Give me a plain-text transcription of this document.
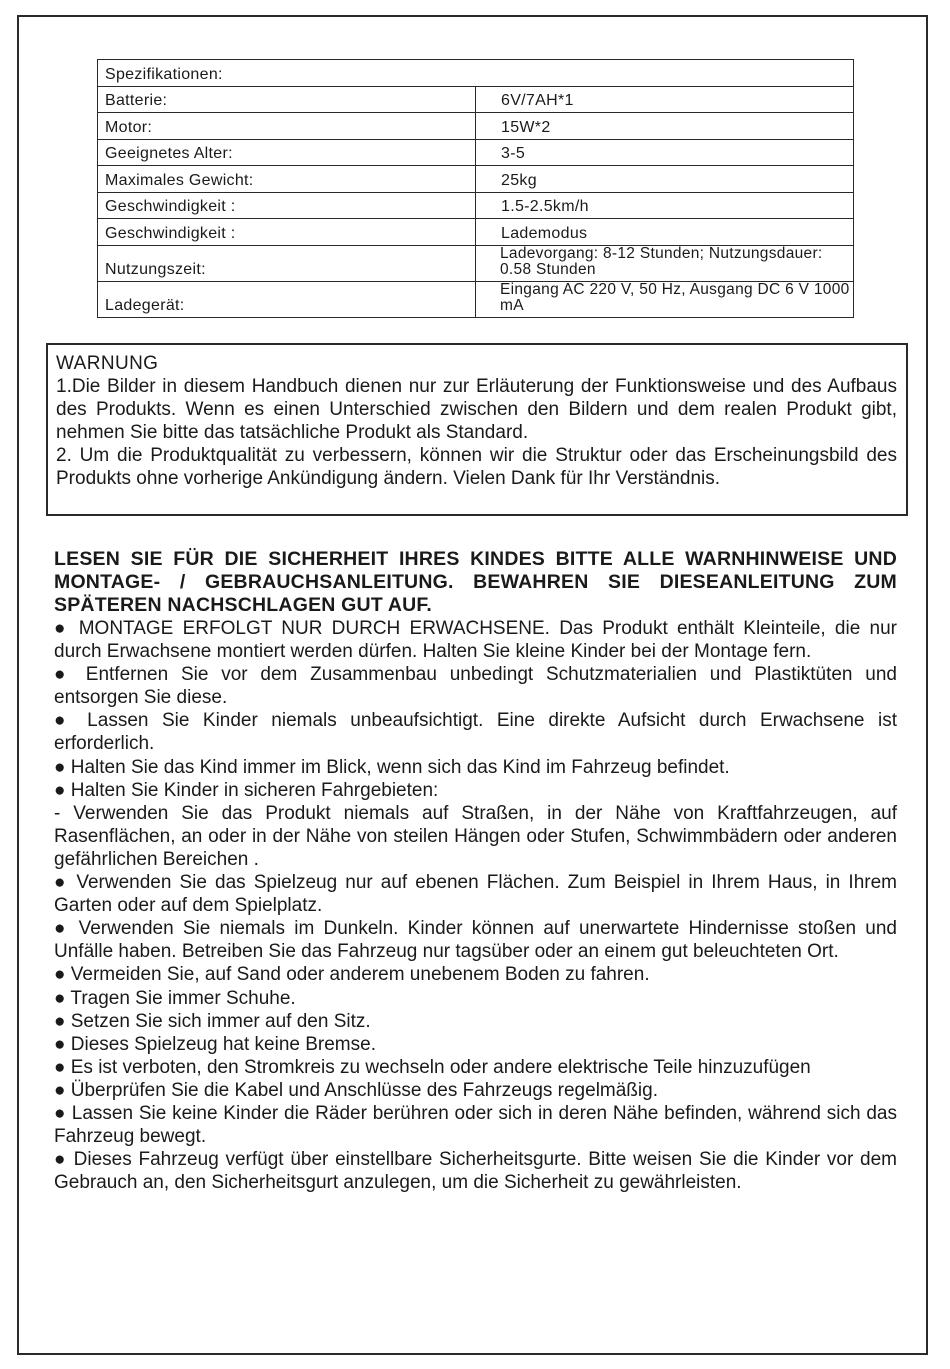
Spezifikationen:	
Batterie:	6V/7AH*1
Motor:	15W*2
Geeignetes Alter:	3-5
Maximales Gewicht:	25kg
Geschwindigkeit :	1.5-2.5km/h
Geschwindigkeit :	Lademodus
Nutzungszeit:	Ladevorgang: 8-12 Stunden; Nutzungsdauer: 0.58 Stunden
Ladegerät:	Eingang AC 220 V, 50 Hz, Ausgang DC 6 V 1000 mA
WARNUNG

1.Die Bilder in diesem Handbuch dienen nur zur Erläuterung der Funktionsweise und des Aufbaus des Produkts. Wenn es einen Unterschied zwischen den Bildern und dem realen Produkt gibt, nehmen Sie bitte das tatsächliche Produkt als Standard.

2. Um die Produktqualität zu verbessern, können wir die Struktur oder das Erscheinungsbild des Produkts ohne vorherige Ankündigung ändern. Vielen Dank für Ihr Verständnis.

LESEN SIE FÜR DIE SICHERHEIT IHRES KINDES BITTE ALLE WARNHINWEISE UND MONTAGE- / GEBRAUCHSANLEITUNG. BEWAHREN SIE DIESEANLEITUNG ZUM SPÄTEREN NACHSCHLAGEN GUT AUF.

● MONTAGE ERFOLGT NUR DURCH ERWACHSENE. Das Produkt enthält Kleinteile, die nur durch Erwachsene montiert werden dürfen. Halten Sie kleine Kinder bei der Montage fern.

● Entfernen Sie vor dem Zusammenbau unbedingt Schutzmaterialien und Plastiktüten und entsorgen Sie diese.

● Lassen Sie Kinder niemals unbeaufsichtigt. Eine direkte Aufsicht durch Erwachsene ist erforderlich.

● Halten Sie das Kind immer im Blick, wenn sich das Kind im Fahrzeug befindet.

● Halten Sie Kinder in sicheren Fahrgebieten:

- Verwenden Sie das Produkt niemals auf Straßen, in der Nähe von Kraftfahrzeugen, auf Rasenflächen, an oder in der Nähe von steilen Hängen oder Stufen, Schwimmbädern oder anderen gefährlichen Bereichen .

● Verwenden Sie das Spielzeug nur auf ebenen Flächen. Zum Beispiel in Ihrem Haus, in Ihrem Garten oder auf dem Spielplatz.

● Verwenden Sie niemals im Dunkeln. Kinder können auf unerwartete Hindernisse stoßen und Unfälle haben. Betreiben Sie das Fahrzeug nur tagsüber oder an einem gut beleuchteten Ort.

● Vermeiden Sie, auf Sand oder anderem unebenem Boden zu fahren.

● Tragen Sie immer Schuhe.

● Setzen Sie sich immer auf den Sitz.

● Dieses Spielzeug hat keine Bremse.

● Es ist verboten, den Stromkreis zu wechseln oder andere elektrische Teile hinzuzufügen

● Überprüfen Sie die Kabel und Anschlüsse des Fahrzeugs regelmäßig.

● Lassen Sie keine Kinder die Räder berühren oder sich in deren Nähe befinden, während sich das Fahrzeug bewegt.

● Dieses Fahrzeug verfügt über einstellbare Sicherheitsgurte. Bitte weisen Sie die Kinder vor dem Gebrauch an, den Sicherheitsgurt anzulegen, um die Sicherheit zu gewährleisten.
